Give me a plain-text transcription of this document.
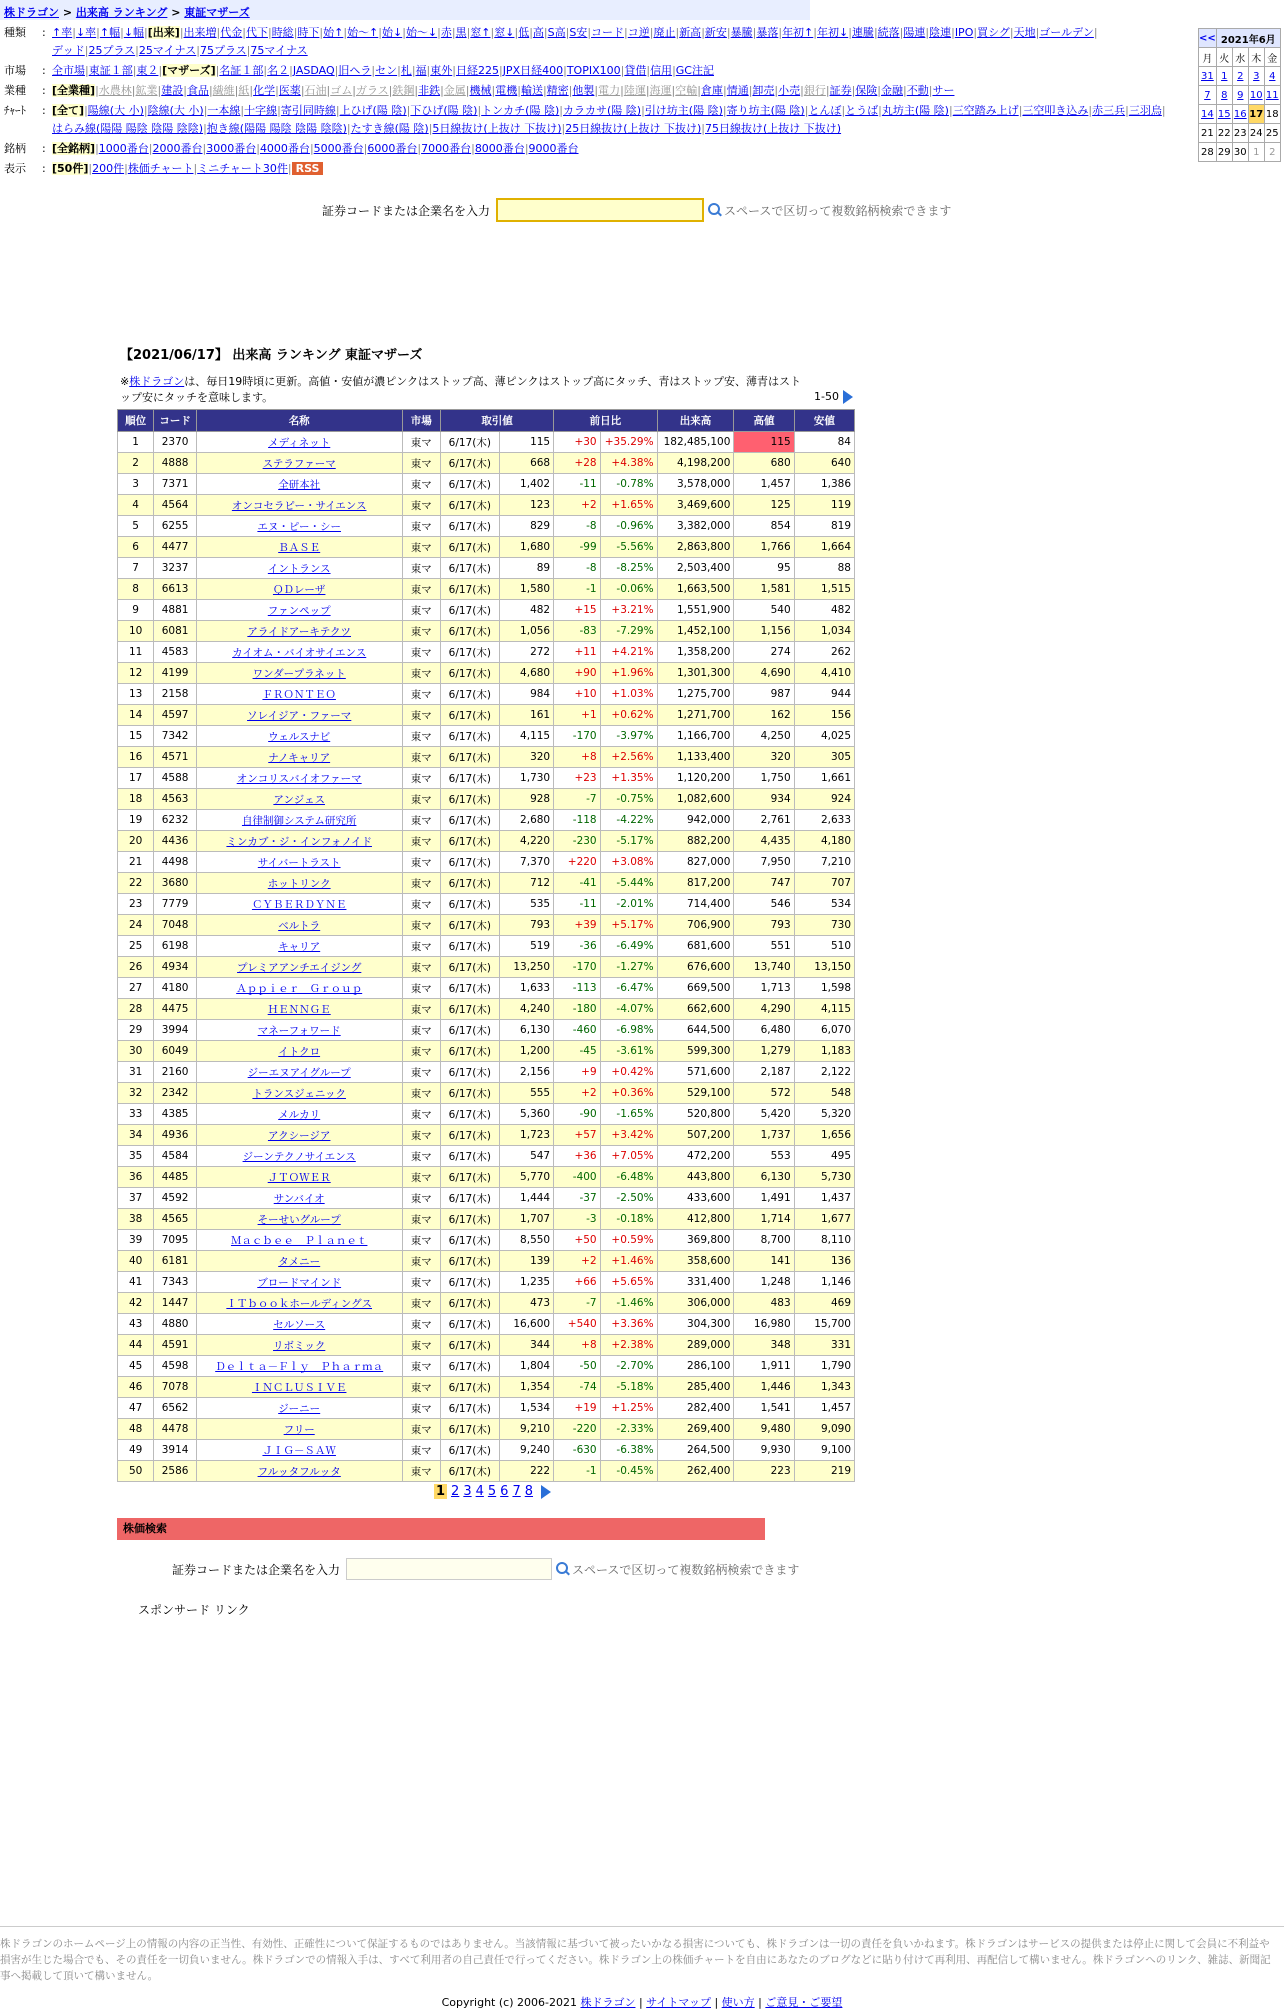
株ドラゴン > 出来高 ランキング > 東証マザーズ
種類	: ↑率|↓率|↑幅|↓幅|[出来]|出来増|代金|代下|時総|時下|始↑|始～↑|始↓|始～↓|赤|黒|窓↑|窓↓|低|高|S高|S安|コード|コ逆|廃止|新高|新安|暴騰|暴落|年初↑|年初↓|連騰|続落|陽連|陰連|IPO|買シグ|天地|ゴールデン|デッド|25プラス|25マイナス|75プラス|75マイナス
市場	: 全市場|東証１部|東２|[マザーズ]|名証１部|名２|JASDAQ|旧ヘラ|セン|札|福|東外|日経225|JPX日経400|TOPIX100|貸借|信用|GC注記
業種	: [全業種]|水農林|鉱業|建設|食品|繊維|紙|化学|医薬|石油|ゴム|ガラス|鉄鋼|非鉄|金属|機械|電機|輸送|精密|他製|電力|陸運|海運|空輸|倉庫|情通|卸売|小売|銀行|証券|保険|金融|不動|サー
ﾁｬｰﾄ	: [全て]|陽線(大 小)|陰線(大 小)|一本線|十字線|寄引同時線|上ひげ(陽 陰)|下ひげ(陽 陰)|トンカチ(陽 陰)|カラカサ(陽 陰)|引け坊主(陽 陰)|寄り坊主(陽 陰)|とんぼ|とうば|丸坊主(陽 陰)|三空踏み上げ|三空叩き込み|赤三兵|三羽烏|はらみ線(陽陽 陽陰 陰陽 陰陰)|抱き線(陽陽 陽陰 陰陽 陰陰)|たすき線(陽 陰)|5日線抜け(上抜け 下抜け)|25日線抜け(上抜け 下抜け)|75日線抜け(上抜け 下抜け)
銘柄	: [全銘柄]|1000番台|2000番台|3000番台|4000番台|5000番台|6000番台|7000番台|8000番台|9000番台
表示	: [50件]|200件|株価チャート|ミニチャート30件| RSS
<<	2021年6月			
月	火	水	木	金
31	1	2	3	4
7	8	9	10	11
14	15	16	17	18
21	22	23	24	25
28	29	30	1	2
証券コードまたは企業名を入力	スペースで区切って複数銘柄検索できます
【2021/06/17】 出来高 ランキング 東証マザーズ
※株ドラゴンは、毎日19時頃に更新。高値・安値が濃ピンクはストップ高、薄ピンクはストップ高にタッチ、青はストップ安、薄青はストップ安にタッチを意味します。	1-50
順位	コード	名称	市場	取引値		前日比		出来高	高値	安値
1	2370	メディネット	東マ	6/17(木)	115	+30	+35.29%	182,485,100	115	84
2	4888	ステラファーマ	東マ	6/17(木)	668	+28	+4.38%	4,198,200	680	640
3	7371	全研本社	東マ	6/17(木)	1,402	-11	-0.78%	3,578,000	1,457	1,386
4	4564	オンコセラピー・サイエンス	東マ	6/17(木)	123	+2	+1.65%	3,469,600	125	119
5	6255	エヌ・ピー・シー	東マ	6/17(木)	829	-8	-0.96%	3,382,000	854	819
6	4477	ＢＡＳＥ	東マ	6/17(木)	1,680	-99	-5.56%	2,863,800	1,766	1,664
7	3237	イントランス	東マ	6/17(木)	89	-8	-8.25%	2,503,400	95	88
8	6613	ＱＤレーザ	東マ	6/17(木)	1,580	-1	-0.06%	1,663,500	1,581	1,515
9	4881	ファンペップ	東マ	6/17(木)	482	+15	+3.21%	1,551,900	540	482
10	6081	アライドアーキテクツ	東マ	6/17(木)	1,056	-83	-7.29%	1,452,100	1,156	1,034
11	4583	カイオム・バイオサイエンス	東マ	6/17(木)	272	+11	+4.21%	1,358,200	274	262
12	4199	ワンダープラネット	東マ	6/17(木)	4,680	+90	+1.96%	1,301,300	4,690	4,410
13	2158	ＦＲＯＮＴＥＯ	東マ	6/17(木)	984	+10	+1.03%	1,275,700	987	944
14	4597	ソレイジア・ファーマ	東マ	6/17(木)	161	+1	+0.62%	1,271,700	162	156
15	7342	ウェルスナビ	東マ	6/17(木)	4,115	-170	-3.97%	1,166,700	4,250	4,025
16	4571	ナノキャリア	東マ	6/17(木)	320	+8	+2.56%	1,133,400	320	305
17	4588	オンコリスバイオファーマ	東マ	6/17(木)	1,730	+23	+1.35%	1,120,200	1,750	1,661
18	4563	アンジェス	東マ	6/17(木)	928	-7	-0.75%	1,082,600	934	924
19	6232	自律制御システム研究所	東マ	6/17(木)	2,680	-118	-4.22%	942,000	2,761	2,633
20	4436	ミンカブ・ジ・インフォノイド	東マ	6/17(木)	4,220	-230	-5.17%	882,200	4,435	4,180
21	4498	サイバートラスト	東マ	6/17(木)	7,370	+220	+3.08%	827,000	7,950	7,210
22	3680	ホットリンク	東マ	6/17(木)	712	-41	-5.44%	817,200	747	707
23	7779	ＣＹＢＥＲＤＹＮＥ	東マ	6/17(木)	535	-11	-2.01%	714,400	546	534
24	7048	ベルトラ	東マ	6/17(木)	793	+39	+5.17%	706,900	793	730
25	6198	キャリア	東マ	6/17(木)	519	-36	-6.49%	681,600	551	510
26	4934	プレミアアンチエイジング	東マ	6/17(木)	13,250	-170	-1.27%	676,600	13,740	13,150
27	4180	Ａｐｐｉｅｒ　Ｇｒｏｕｐ	東マ	6/17(木)	1,633	-113	-6.47%	669,500	1,713	1,598
28	4475	ＨＥＮＮＧＥ	東マ	6/17(木)	4,240	-180	-4.07%	662,600	4,290	4,115
29	3994	マネーフォワード	東マ	6/17(木)	6,130	-460	-6.98%	644,500	6,480	6,070
30	6049	イトクロ	東マ	6/17(木)	1,200	-45	-3.61%	599,300	1,279	1,183
31	2160	ジーエヌアイグループ	東マ	6/17(木)	2,156	+9	+0.42%	571,600	2,187	2,122
32	2342	トランスジェニック	東マ	6/17(木)	555	+2	+0.36%	529,100	572	548
33	4385	メルカリ	東マ	6/17(木)	5,360	-90	-1.65%	520,800	5,420	5,320
34	4936	アクシージア	東マ	6/17(木)	1,723	+57	+3.42%	507,200	1,737	1,656
35	4584	ジーンテクノサイエンス	東マ	6/17(木)	547	+36	+7.05%	472,200	553	495
36	4485	ＪＴＯＷＥＲ	東マ	6/17(木)	5,770	-400	-6.48%	443,800	6,130	5,730
37	4592	サンバイオ	東マ	6/17(木)	1,444	-37	-2.50%	433,600	1,491	1,437
38	4565	そーせいグループ	東マ	6/17(木)	1,707	-3	-0.18%	412,800	1,714	1,677
39	7095	Ｍａｃｂｅｅ　Ｐｌａｎｅｔ	東マ	6/17(木)	8,550	+50	+0.59%	369,800	8,700	8,110
40	6181	タメニー	東マ	6/17(木)	139	+2	+1.46%	358,600	141	136
41	7343	ブロードマインド	東マ	6/17(木)	1,235	+66	+5.65%	331,400	1,248	1,146
42	1447	ＩＴｂｏｏｋホールディングス	東マ	6/17(木)	473	-7	-1.46%	306,000	483	469
43	4880	セルソース	東マ	6/17(木)	16,600	+540	+3.36%	304,300	16,980	15,700
44	4591	リボミック	東マ	6/17(木)	344	+8	+2.38%	289,000	348	331
45	4598	Ｄｅｌｔａ－Ｆｌｙ　Ｐｈａｒｍａ	東マ	6/17(木)	1,804	-50	-2.70%	286,100	1,911	1,790
46	7078	ＩＮＣＬＵＳＩＶＥ	東マ	6/17(木)	1,354	-74	-5.18%	285,400	1,446	1,343
47	6562	ジーニー	東マ	6/17(木)	1,534	+19	+1.25%	282,400	1,541	1,457
48	4478	フリー	東マ	6/17(木)	9,210	-220	-2.33%	269,400	9,480	9,090
49	3914	ＪＩＧ－ＳＡＷ	東マ	6/17(木)	9,240	-630	-6.38%	264,500	9,930	9,100
50	2586	フルッタフルッタ	東マ	6/17(木)	222	-1	-0.45%	262,400	223	219
1 2 3 4 5 6 7 8
株価検索
証券コードまたは企業名を入力	スペースで区切って複数銘柄検索できます
スポンサード リンク
株ドラゴンのホームページ上の情報の内容の正当性、有効性、正確性について保証するものではありません。当該情報に基づいて被ったいかなる損害についても、株ドラゴンは一切の責任を負いかねます。株ドラゴンはサービスの提供または停止に関して会員に不利益や損害が生じた場合でも、その責任を一切負いません。株ドラゴンでの情報入手は、すべて利用者の自己責任で行ってください。株ドラゴン上の株価チャートを自由にあなたのブログなどに貼り付けて再利用、再配信して構いません。株ドラゴンへのリンク、雑誌、新聞記事へ掲載して頂いて構いません。
Copyright (c) 2006-2021 株ドラゴン | サイトマップ | 使い方 | ご意見・ご要望
